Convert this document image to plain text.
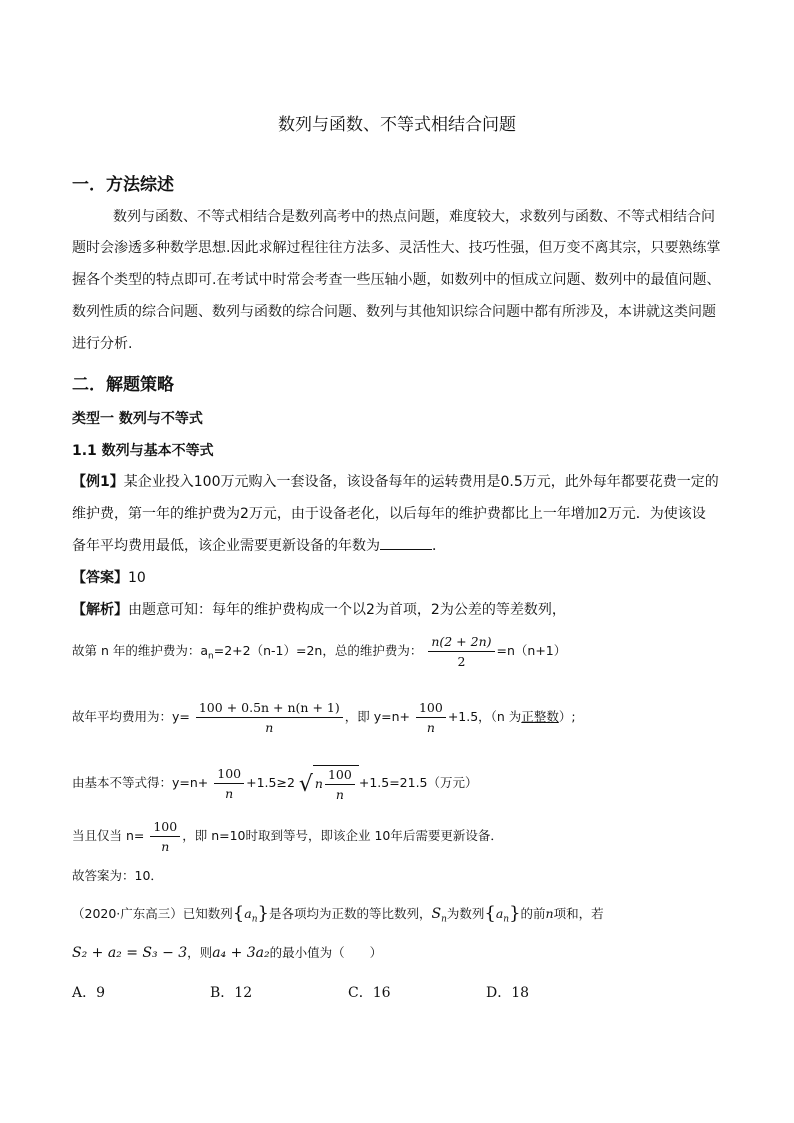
数列与函数、不等式相结合问题
一．方法综述
数列与函数、不等式相结合是数列高考中的热点问题，难度较大，求数列与函数、不等式相结合问
题时会渗透多种数学思想.因此求解过程往往方法多、灵活性大、技巧性强，但万变不离其宗，只要熟练掌
握各个类型的特点即可.在考试中时常会考查一些压轴小题，如数列中的恒成立问题、数列中的最值问题、
数列性质的综合问题、数列与函数的综合问题、数列与其他知识综合问题中都有所涉及，本讲就这类问题
进行分析.
二．解题策略
类型一 数列与不等式
1.1 数列与基本不等式
【例1】某企业投入100万元购入一套设备，该设备每年的运转费用是0.5万元，此外每年都要花费一定的
维护费，第一年的维护费为2万元，由于设备老化，以后每年的维护费都比上一年增加2万元．为使该设
备年平均费用最低，该企业需要更新设备的年数为	．
【答案】10
【解析】由题意可知：每年的维护费构成一个以2为首项，2为公差的等差数列，
故第 n 年的维护费为：$a_n=2+2(n-1)=2n$，总的维护费为： $\frac{n(2 + 2n)}{2} =n(n+1)$
故年平均费用为：$y= \frac{100 + 0.5n + n(n + 1)}{n}$ ，即 $y=n+ \frac{100}{n} +1.5$，（n 为正整数）;
由基本不等式得：$y=n+ \frac{100}{n} +1.5\ge 2$ √ n $\frac{100}{n} +1.5=21.5$（万元）
当且仅当 $n= \frac{100}{n}$ ，即 n=10时取到等号，即该企业 10年后需要更新设备．
故答案为：10．
（2020·广东高三）已知数列$\{a_n\}$是各项均为正数的等比数列，$S_n$为数列$\{a_n\}$的前n项和，若
S₂ + a₂ = S₃ − 3，则a₄ + 3a₂的最小值为（　　）
A．9	B．12	C．16	D．18
